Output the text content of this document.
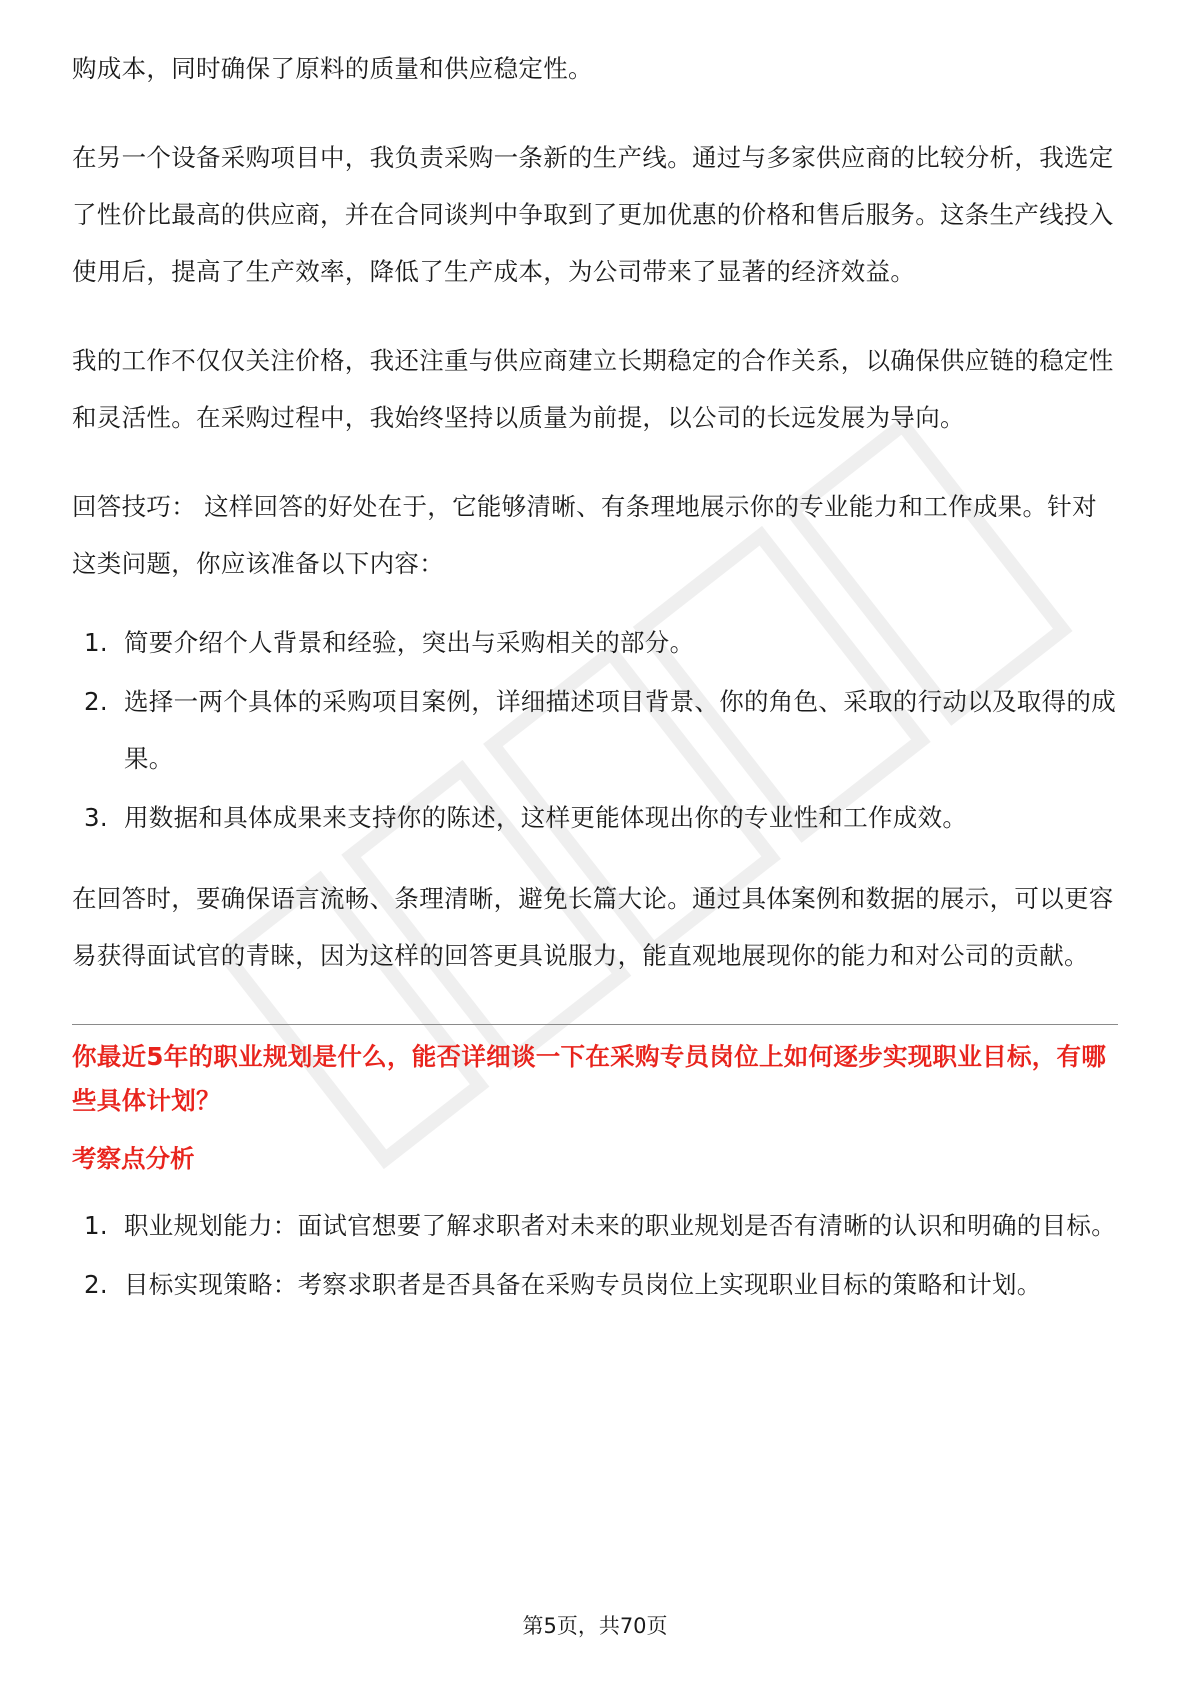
购成本，同时确保了原料的质量和供应稳定性。

在另一个设备采购项目中，我负责采购一条新的生产线。通过与多家供应商的比较分析，我选定了性价比最高的供应商，并在合同谈判中争取到了更加优惠的价格和售后服务。这条生产线投入使用后，提高了生产效率，降低了生产成本，为公司带来了显著的经济效益。

我的工作不仅仅关注价格，我还注重与供应商建立长期稳定的合作关系，以确保供应链的稳定性和灵活性。在采购过程中，我始终坚持以质量为前提，以公司的长远发展为导向。

回答技巧： 这样回答的好处在于，它能够清晰、有条理地展示你的专业能力和工作成果。针对这类问题，你应该准备以下内容：

1. 简要介绍个人背景和经验，突出与采购相关的部分。
2. 选择一两个具体的采购项目案例，详细描述项目背景、你的角色、采取的行动以及取得的成果。
3. 用数据和具体成果来支持你的陈述，这样更能体现出你的专业性和工作成效。

在回答时，要确保语言流畅、条理清晰，避免长篇大论。通过具体案例和数据的展示，可以更容易获得面试官的青睐，因为这样的回答更具说服力，能直观地展现你的能力和对公司的贡献。

你最近5年的职业规划是什么，能否详细谈一下在采购专员岗位上如何逐步实现职业目标，有哪些具体计划？

考察点分析
1. 职业规划能力：面试官想要了解求职者对未来的职业规划是否有清晰的认识和明确的目标。
2. 目标实现策略：考察求职者是否具备在采购专员岗位上实现职业目标的策略和计划。
第5页，共70页
